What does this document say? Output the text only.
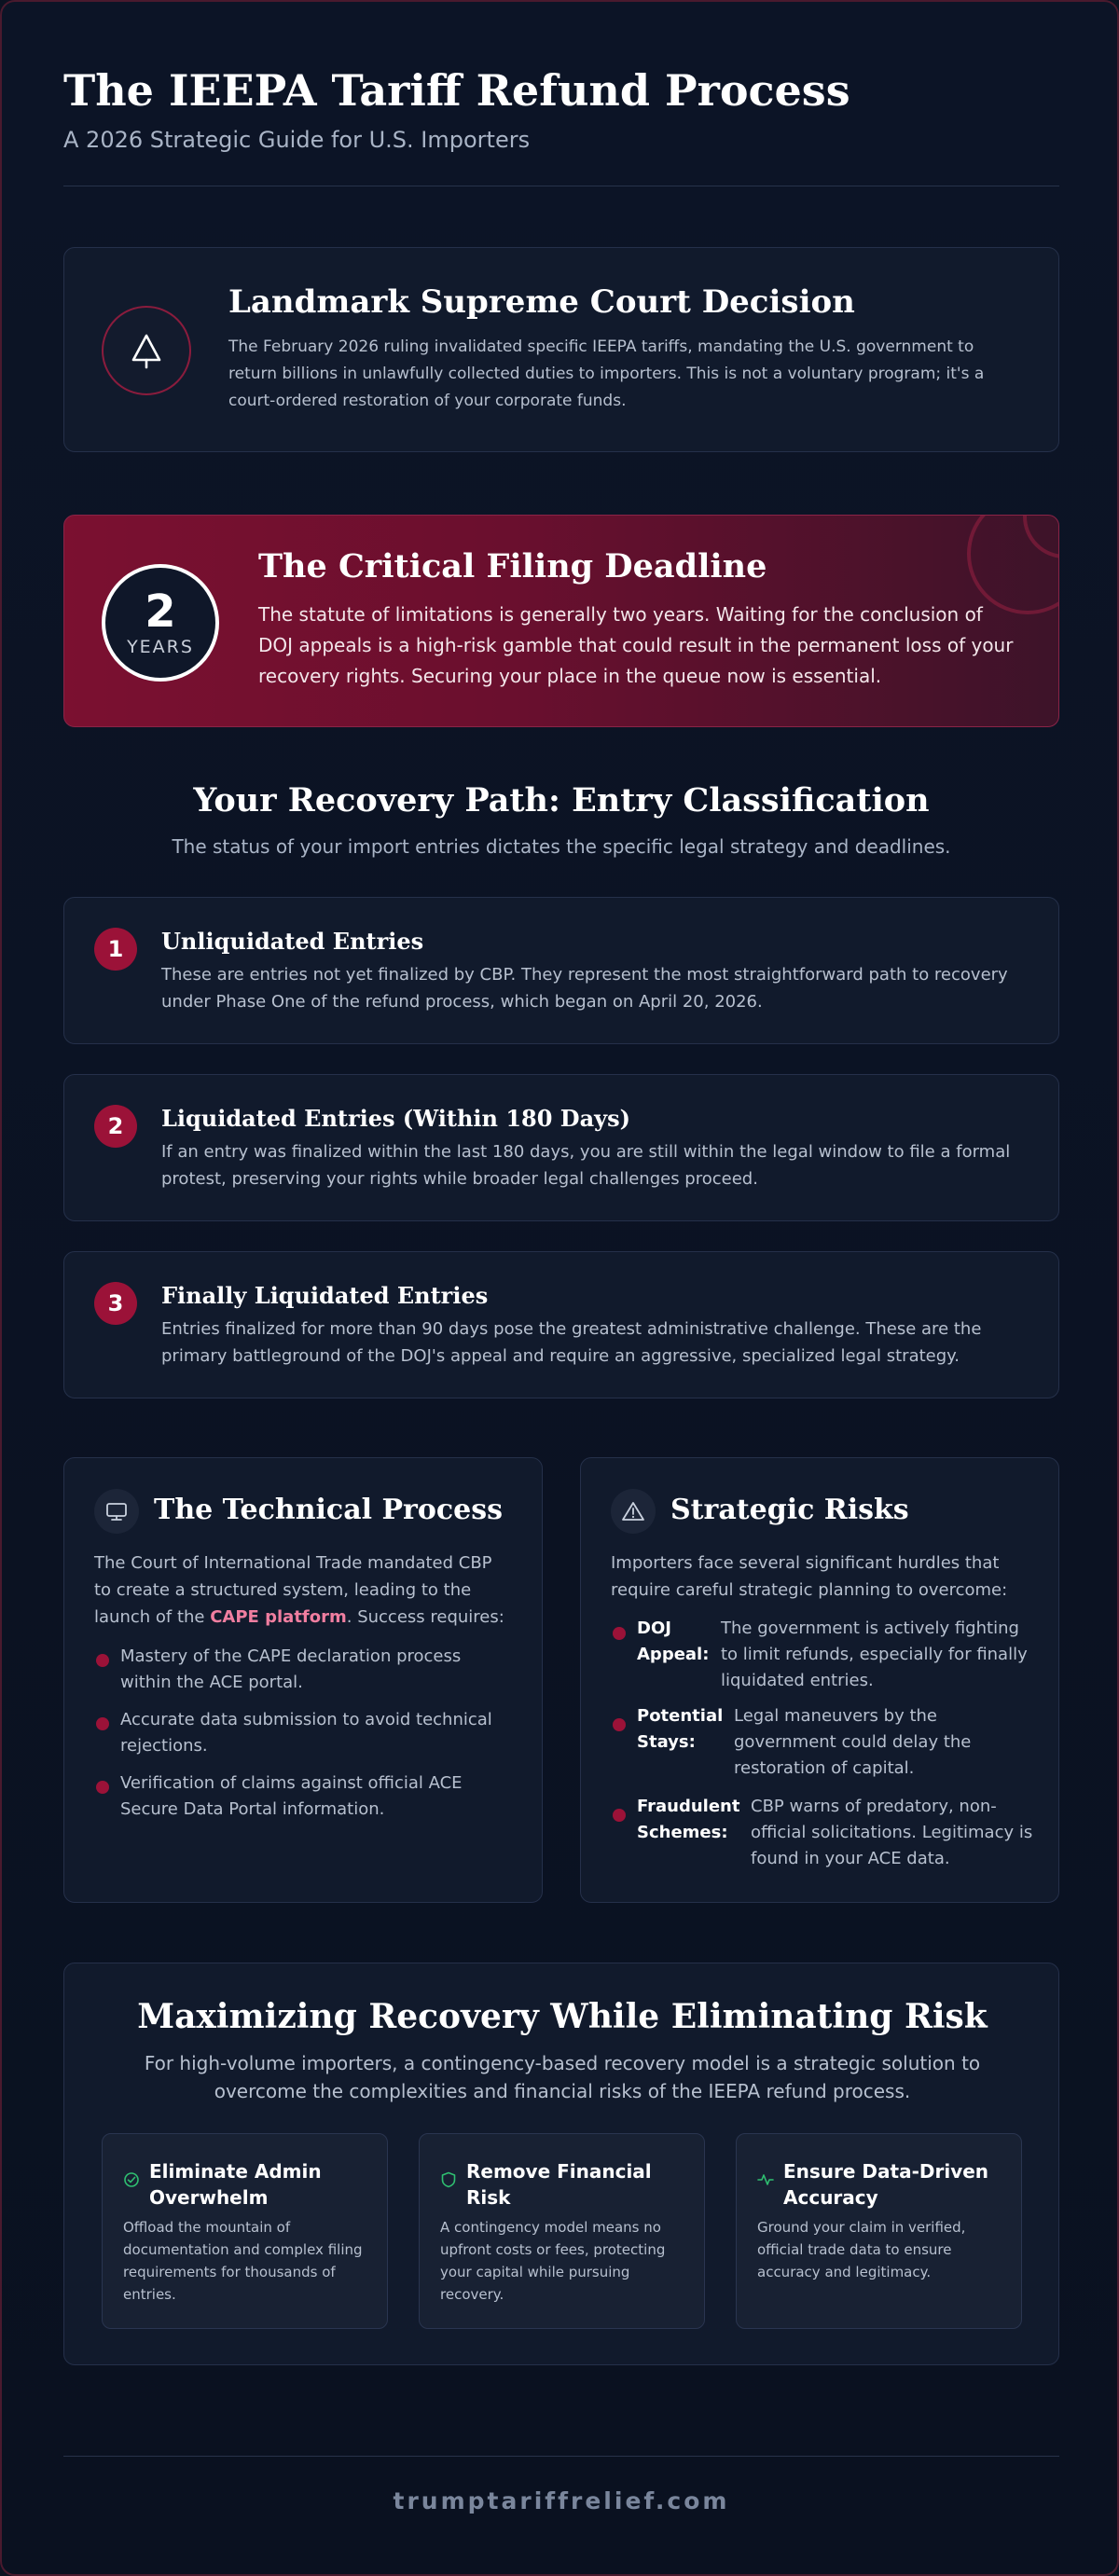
The IEEPA Tariff Refund Process
A 2026 Strategic Guide for U.S. Importers
Landmark Supreme Court Decision
The February 2026 ruling invalidated specific IEEPA tariffs, mandating the U.S. government to return billions in unlawfully collected duties to importers. This is not a voluntary program; it's a court-ordered restoration of your corporate funds.
2
YEARS
The Critical Filing Deadline
The statute of limitations is generally two years. Waiting for the conclusion of DOJ appeals is a high-risk gamble that could result in the permanent loss of your recovery rights. Securing your place in the queue now is essential.
Your Recovery Path: Entry Classification
The status of your import entries dictates the specific legal strategy and deadlines.
1	Unliquidated Entries
These are entries not yet finalized by CBP. They represent the most straightforward path to recovery under Phase One of the refund process, which began on April 20, 2026.
2	Liquidated Entries (Within 180 Days)
If an entry was finalized within the last 180 days, you are still within the legal window to file a formal protest, preserving your rights while broader legal challenges proceed.
3	Finally Liquidated Entries
Entries finalized for more than 90 days pose the greatest administrative challenge. These are the primary battleground of the DOJ's appeal and require an aggressive, specialized legal strategy.
The Technical Process
The Court of International Trade mandated CBP to create a structured system, leading to the launch of the CAPE platform. Success requires:
Mastery of the CAPE declaration process within the ACE portal.
Accurate data submission to avoid technical rejections.
Verification of claims against official ACE Secure Data Portal information.
Strategic Risks
Importers face several significant hurdles that require careful strategic planning to overcome:
DOJ Appeal:
The government is actively fighting to limit refunds, especially for finally liquidated entries.
Potential Stays:
Legal maneuvers by the government could delay the restoration of capital.
Fraudulent Schemes:
CBP warns of predatory, non-official solicitations. Legitimacy is found in your ACE data.
Maximizing Recovery While Eliminating Risk
For high-volume importers, a contingency-based recovery model is a strategic solution to overcome the complexities and financial risks of the IEEPA refund process.
Eliminate Admin Overwhelm
Offload the mountain of documentation and complex filing requirements for thousands of entries.
Remove Financial Risk
A contingency model means no upfront costs or fees, protecting your capital while pursuing recovery.
Ensure Data-Driven Accuracy
Ground your claim in verified, official trade data to ensure accuracy and legitimacy.
trumptariffrelief.com
